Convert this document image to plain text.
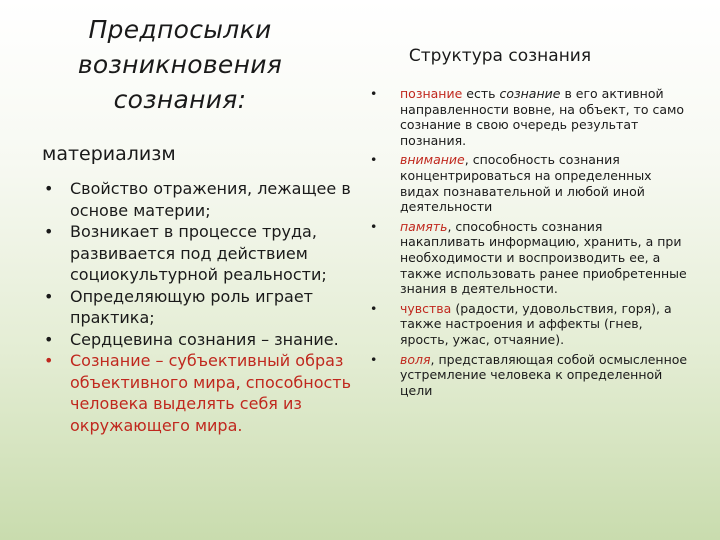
Предпосылки
возникновения
сознания:
материализм
• Свойство отражения, лежащее в основе материи;
• Возникает в процессе труда, развивается под действием социокультурной реальности;
• Определяющую роль играет практика;
• Сердцевина сознания – знание.
• Сознание – субъективный образ объективного мира, способность человека выделять себя из окружающего мира.
Структура сознания
• познание есть сознание в его активной направленности вовне, на объект, то само сознание в свою очередь результат познания.
• внимание, способность сознания концентрироваться на определенных видах познавательной и любой иной деятельности
• память, способность сознания накапливать информацию, хранить, а при необходимости и воспроизводить ее, а также использовать ранее приобретенные знания в деятельности.
• чувства (радости, удовольствия, горя), а также настроения и аффекты (гнев, ярость, ужас, отчаяние).
• воля, представляющая собой осмысленное устремление человека к определенной цели
